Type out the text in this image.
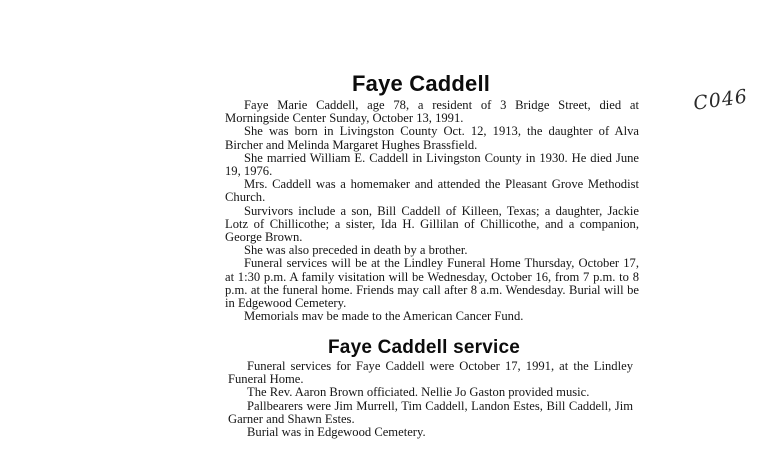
Faye Caddell

Faye Marie Caddell, age 78, a resident of 3 Bridge Street, died at Morningside Center Sunday, October 13, 1991.

She was born in Livingston County Oct. 12, 1913, the daughter of Alva Bircher and Melinda Margaret Hughes Brassfield.

She married William E. Caddell in Livingston County in 1930. He died June 19, 1976.

Mrs. Caddell was a homemaker and attended the Pleasant Grove Methodist Church.

Survivors include a son, Bill Caddell of Killeen, Texas; a daughter, Jackie Lotz of Chillicothe; a sister, Ida H. Gillilan of Chillicothe, and a companion, George Brown.

She was also preceded in death by a brother.

Funeral services will be at the Lindley Funeral Home Thursday, October 17, at 1:30 p.m. A family visitation will be Wednesday, October 16, from 7 p.m. to 8 p.m. at the funeral home. Friends may call after 8 a.m. Wendesday. Burial will be in Edgewood Cemetery.

Memorials mav be made to the American Cancer Fund.

Faye Caddell service

Funeral services for Faye Caddell were October 17, 1991, at the Lindley Funeral Home.

The Rev. Aaron Brown officiated. Nellie Jo Gaston provided music.

Pallbearers were Jim Murrell, Tim Caddell, Landon Estes, Bill Caddell, Jim Garner and Shawn Estes.

Burial was in Edgewood Cemetery.

C046
